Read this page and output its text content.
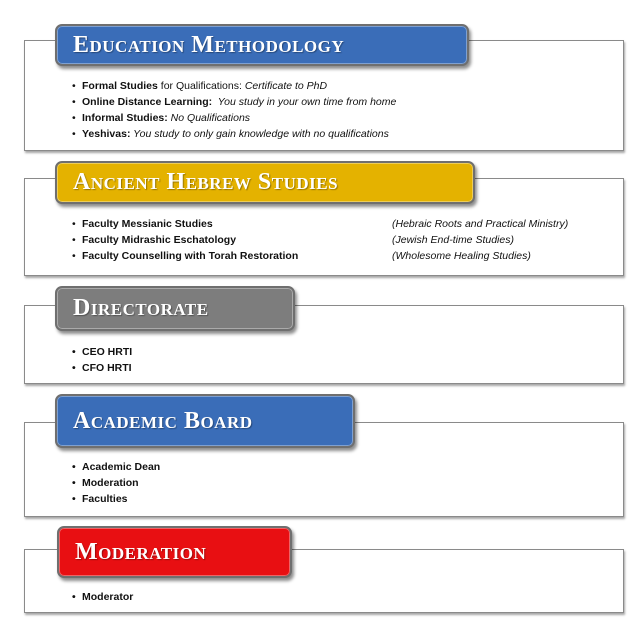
Education Methodology
• Formal Studies for Qualifications: Certificate to PhD
• Online Distance Learning:  You study in your own time from home
• Informal Studies: No Qualifications
• Yeshivas: You study to only gain knowledge with no qualifications
Ancient Hebrew Studies
• Faculty Messianic Studies	(Hebraic Roots and Practical Ministry)
• Faculty Midrashic Eschatology	(Jewish End-time Studies)
• Faculty Counselling with Torah Restoration	(Wholesome Healing Studies)
Directorate
• CEO HRTI
• CFO HRTI
Academic Board
• Academic Dean
• Moderation
• Faculties
Moderation
• Moderator
